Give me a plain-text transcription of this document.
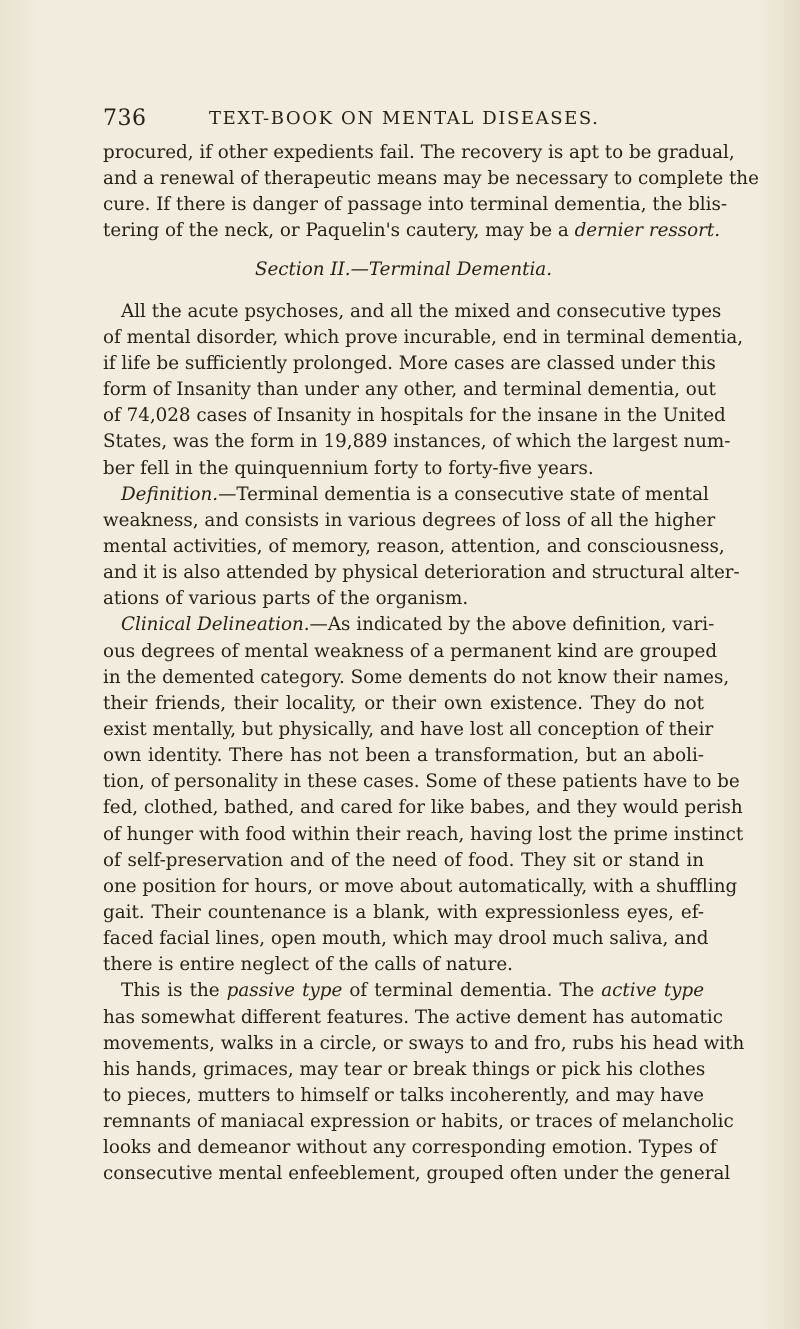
736	TEXT-BOOK ON MENTAL DISEASES.
procured, if other expedients fail. The recovery is apt to be gradual,
and a renewal of therapeutic means may be necessary to complete the
cure. If there is danger of passage into terminal dementia, the blis-
tering of the neck, or Paquelin's cautery, may be a dernier ressort.
Section II.—Terminal Dementia.
All the acute psychoses, and all the mixed and consecutive types
of mental disorder, which prove incurable, end in terminal dementia,
if life be sufficiently prolonged. More cases are classed under this
form of Insanity than under any other, and terminal dementia, out
of 74,028 cases of Insanity in hospitals for the insane in the United
States, was the form in 19,889 instances, of which the largest num-
ber fell in the quinquennium forty to forty-five years.
Definition.—Terminal dementia is a consecutive state of mental
weakness, and consists in various degrees of loss of all the higher
mental activities, of memory, reason, attention, and consciousness,
and it is also attended by physical deterioration and structural alter-
ations of various parts of the organism.
Clinical Delineation.—As indicated by the above definition, vari-
ous degrees of mental weakness of a permanent kind are grouped
in the demented category. Some dements do not know their names,
their friends, their locality, or their own existence. They do not
exist mentally, but physically, and have lost all conception of their
own identity. There has not been a transformation, but an aboli-
tion, of personality in these cases. Some of these patients have to be
fed, clothed, bathed, and cared for like babes, and they would perish
of hunger with food within their reach, having lost the prime instinct
of self-preservation and of the need of food. They sit or stand in
one position for hours, or move about automatically, with a shuffling
gait. Their countenance is a blank, with expressionless eyes, ef-
faced facial lines, open mouth, which may drool much saliva, and
there is entire neglect of the calls of nature.
This is the passive type of terminal dementia. The active type
has somewhat different features. The active dement has automatic
movements, walks in a circle, or sways to and fro, rubs his head with
his hands, grimaces, may tear or break things or pick his clothes
to pieces, mutters to himself or talks incoherently, and may have
remnants of maniacal expression or habits, or traces of melancholic
looks and demeanor without any corresponding emotion. Types of
consecutive mental enfeeblement, grouped often under the general
